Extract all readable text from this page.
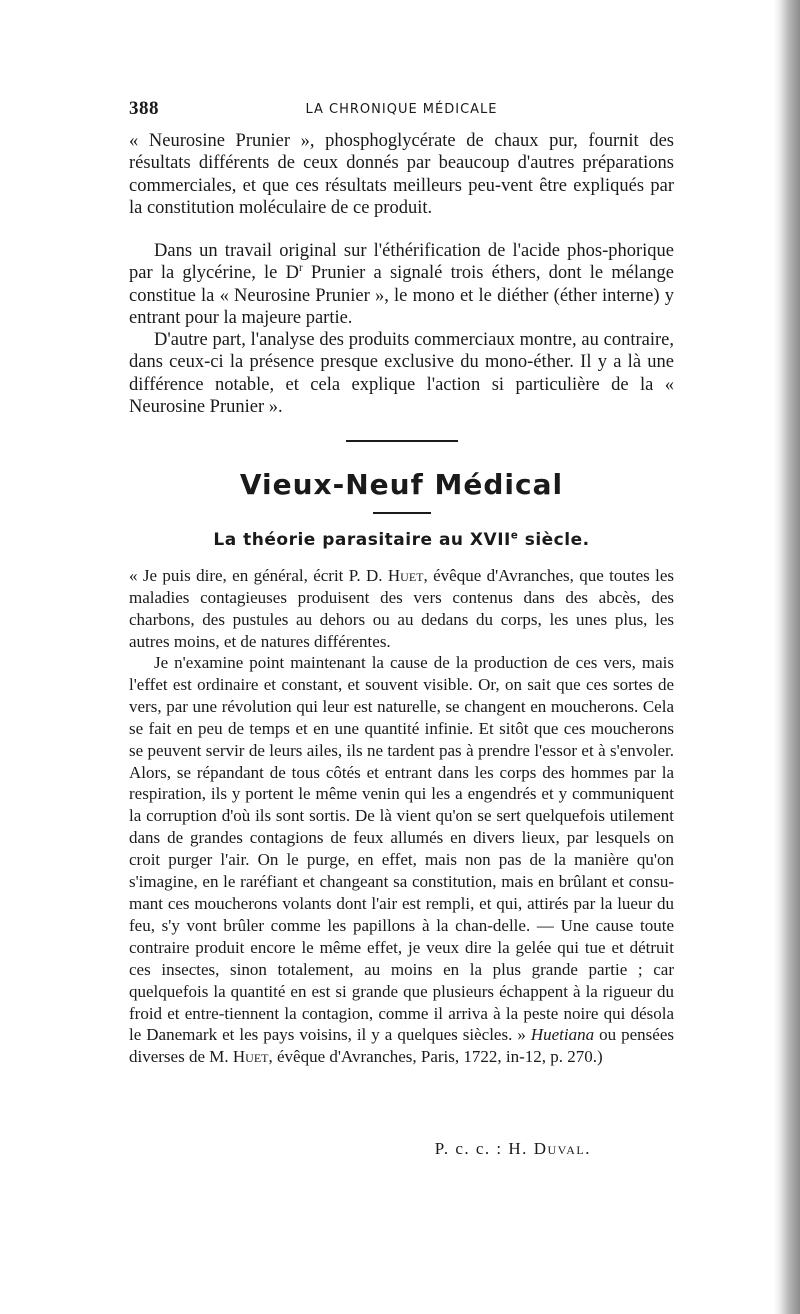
388	LA CHRONIQUE MÉDICALE

« Neurosine Prunier », phosphoglycérate de chaux pur, fournit des résultats différents de ceux donnés par beaucoup d'autres préparations commerciales, et que ces résultats meilleurs peu-vent être expliqués par la constitution moléculaire de ce produit.

Dans un travail original sur l'éthérification de l'acide phos-phorique par la glycérine, le $D^r$ Prunier a signalé trois éthers, dont le mélange constitue la « Neurosine Prunier », le mono et le diéther (éther interne) y entrant pour la majeure partie.

D'autre part, l'analyse des produits commerciaux montre, au contraire, dans ceux-ci la présence presque exclusive du mono-éther. Il y a là une différence notable, et cela explique l'action si particulière de la « Neurosine Prunier ».

Vieux-Neuf Médical
La théorie parasitaire au XVIIe siècle.

« Je puis dire, en général, écrit P. D. Huet, évêque d'Avranches, que toutes les maladies contagieuses produisent des vers contenus dans des abcès, des charbons, des pustules au dehors ou au dedans du corps, les unes plus, les autres moins, et de natures différentes.

Je n'examine point maintenant la cause de la production de ces vers, mais l'effet est ordinaire et constant, et souvent visible. Or, on sait que ces sortes de vers, par une révolution qui leur est naturelle, se changent en moucherons. Cela se fait en peu de temps et en une quantité infinie. Et sitôt que ces moucherons se peuvent servir de leurs ailes, ils ne tardent pas à prendre l'essor et à s'envoler. Alors, se répandant de tous côtés et entrant dans les corps des hommes par la respiration, ils y portent le même venin qui les a engendrés et y communiquent la corruption d'où ils sont sortis. De là vient qu'on se sert quelquefois utilement dans de grandes contagions de feux allumés en divers lieux, par lesquels on croit purger l'air. On le purge, en effet, mais non pas de la manière qu'on s'imagine, en le raréfiant et changeant sa constitution, mais en brûlant et consu-mant ces moucherons volants dont l'air est rempli, et qui, attirés par la lueur du feu, s'y vont brûler comme les papillons à la chan-delle. — Une cause toute contraire produit encore le même effet, je veux dire la gelée qui tue et détruit ces insectes, sinon totalement, au moins en la plus grande partie ; car quelquefois la quantité en est si grande que plusieurs échappent à la rigueur du froid et entre-tiennent la contagion, comme il arriva à la peste noire qui désola le Danemark et les pays voisins, il y a quelques siècles. » Huetiana ou pensées diverses de M. Huet, évêque d'Avranches, Paris, 1722, in-12, p. 270.)

P. c. c. : H. Duval.
